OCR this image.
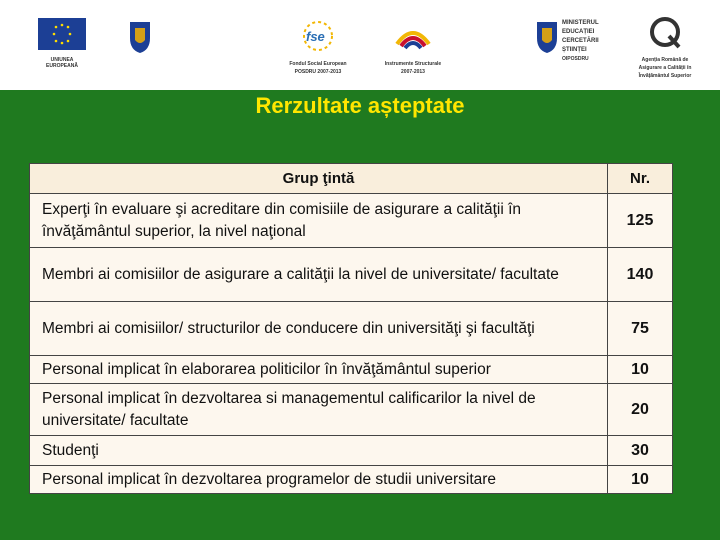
UNIUNEA EUROPEANĂ
fse
Fondul Social European
POSDRU 2007-2013
Instrumente Structurale
2007-2013
MINISTERUL
EDUCAȚIEI
CERCETĂRII
ȘTIINȚEI
OIPOSDRU	Agenția Română de
Asigurare a Calității în
Învățământul Superior
Rerzultate așteptate
Grup ţintă	Nr.
Experţi în evaluare şi acreditare din comisiile de asigurare a calităţii în învăţământul superior, la nivel naţional	125
Membri ai comisiilor de asigurare a calităţii la nivel de universitate/ facultate	140
Membri ai comisiilor/ structurilor de conducere din universităţi şi facultăţi	75
Personal implicat în elaborarea politicilor în învăţământul superior	10
Personal implicat în dezvoltarea si managementul calificarilor la nivel de universitate/ facultate	20
Studenţi	30
Personal implicat în dezvoltarea programelor de studii universitare	10
